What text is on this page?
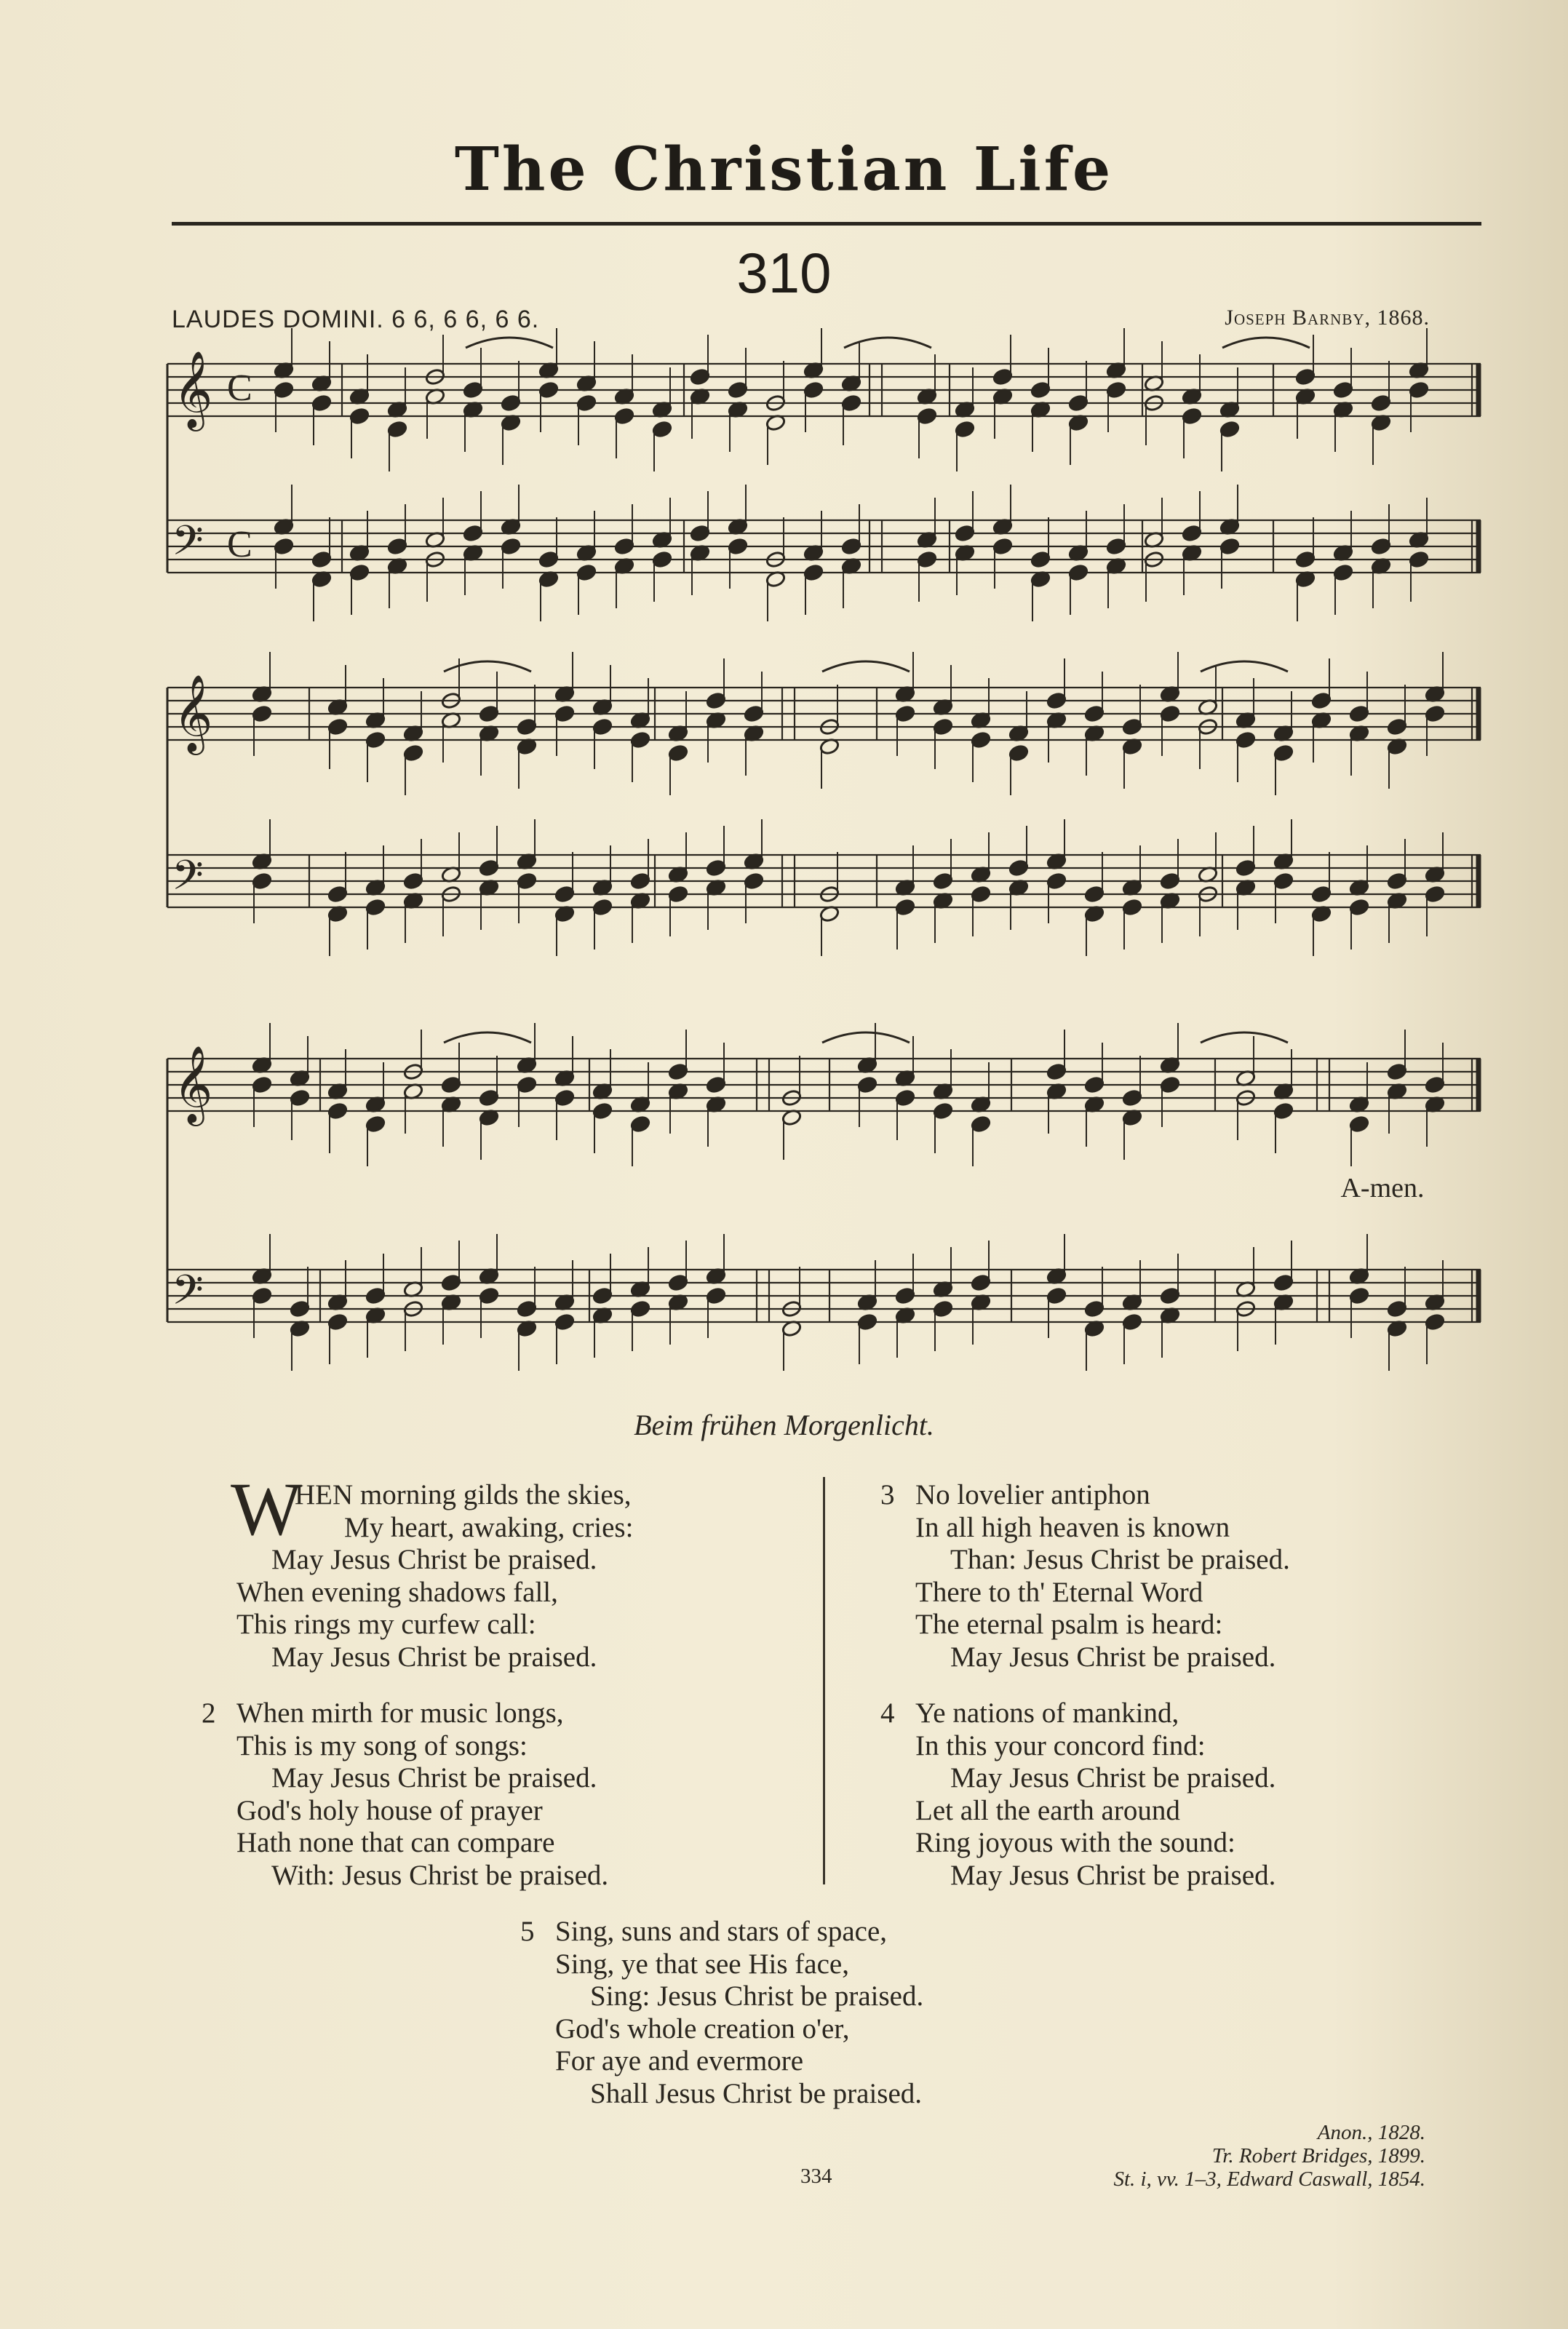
The Christian Life
310
LAUDES DOMINI. 6 6, 6 6, 6 6.	Joseph Barnby, 1868.
𝄞
𝄢
C
C
𝄞
𝄢
𝄞
𝄢
A-men.
Beim frühen Morgenlicht.
W
HEN morning gilds the skies,
My heart, awaking, cries:
May Jesus Christ be praised.
When evening shadows fall,
This rings my curfew call:
May Jesus Christ be praised.
2 When mirth for music longs,
This is my song of songs:
May Jesus Christ be praised.
God's holy house of prayer
Hath none that can compare
With: Jesus Christ be praised.
3 No lovelier antiphon
In all high heaven is known
Than: Jesus Christ be praised.
There to th' Eternal Word
The eternal psalm is heard:
May Jesus Christ be praised.
4 Ye nations of mankind,
In this your concord find:
May Jesus Christ be praised.
Let all the earth around
Ring joyous with the sound:
May Jesus Christ be praised.
5 Sing, suns and stars of space,
Sing, ye that see His face,
Sing: Jesus Christ be praised.
God's whole creation o'er,
For aye and evermore
Shall Jesus Christ be praised.
Anon., 1828.
Tr. Robert Bridges, 1899.
St. i, vv. 1–3, Edward Caswall, 1854.
334
